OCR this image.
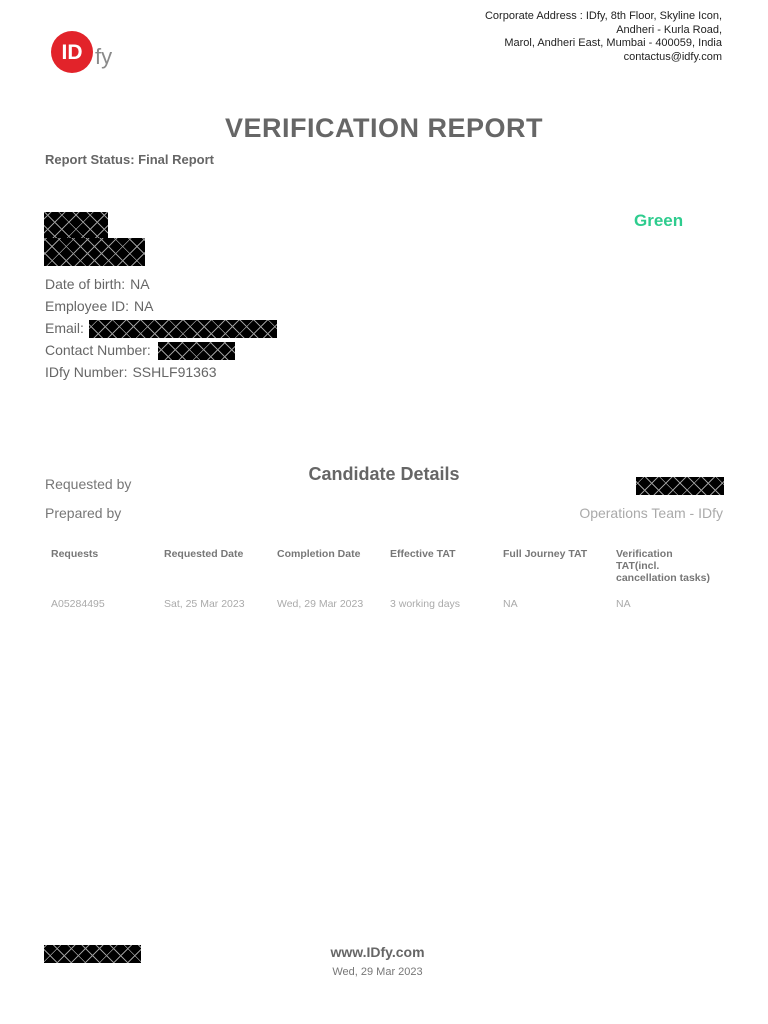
ID fy
Corporate Address : IDfy, 8th Floor, Skyline Icon,
Andheri - Kurla Road,
Marol, Andheri East, Mumbai - 400059, India
contactus@idfy.com
VERIFICATION REPORT
Report Status: Final Report
Green
Date of birth: NA
Employee ID: NA
Email:
Contact Number:
IDfy Number: SSHLF91363
Candidate Details
Requested by
Prepared by	Operations Team - IDfy
Requests	Requested Date	Completion Date	Effective TAT	Full Journey TAT	Verification TAT(incl. cancellation tasks)
A05284495	Sat, 25 Mar 2023	Wed, 29 Mar 2023	3 working days	NA	NA
www.IDfy.com
Wed, 29 Mar 2023
